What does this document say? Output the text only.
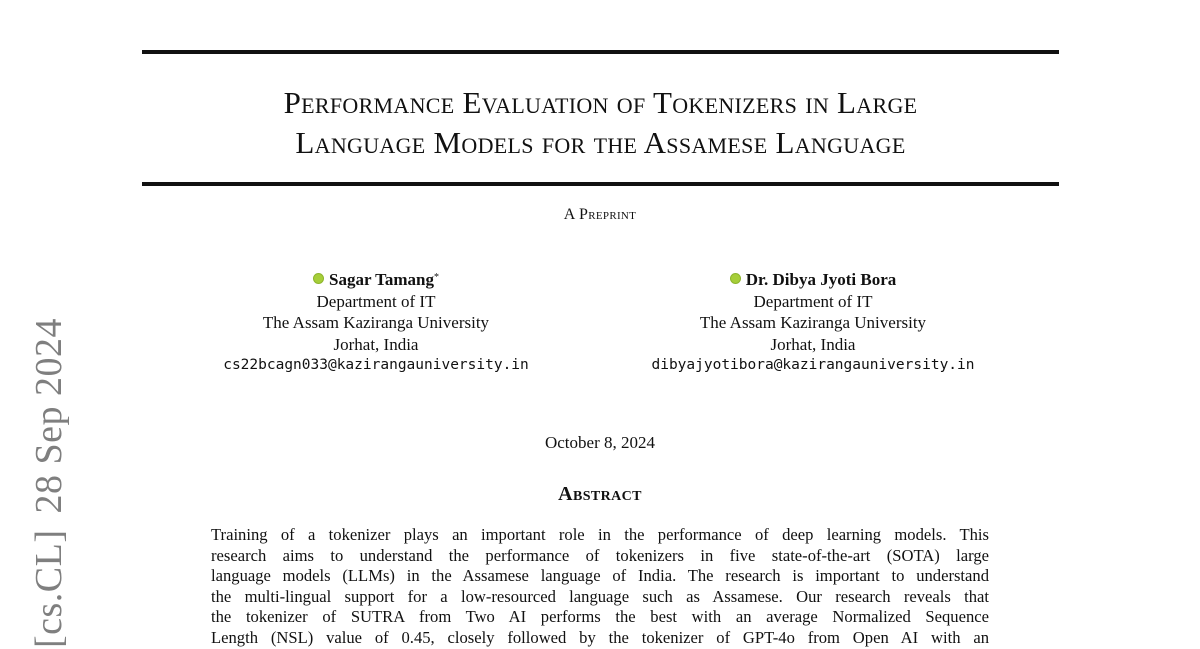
Performance Evaluation of Tokenizers in Large
Language Models for the Assamese Language
A Preprint
Sagar Tamang*
Department of IT
The Assam Kaziranga University
Jorhat, India
cs22bcagn033@kazirangauniversity.in
Dr. Dibya Jyoti Bora
Department of IT
The Assam Kaziranga University
Jorhat, India
dibyajyotibora@kazirangauniversity.in
October 8, 2024
Abstract
Training of a tokenizer plays an important role in the performance of deep learning models. This
research aims to understand the performance of tokenizers in five state-of-the-art (SOTA) large
language models (LLMs) in the Assamese language of India. The research is important to understand
the multi-lingual support for a low-resourced language such as Assamese. Our research reveals that
the tokenizer of SUTRA from Two AI performs the best with an average Normalized Sequence
Length (NSL) value of 0.45, closely followed by the tokenizer of GPT-4o from Open AI with an
[cs.CL]28 Sep 2024
